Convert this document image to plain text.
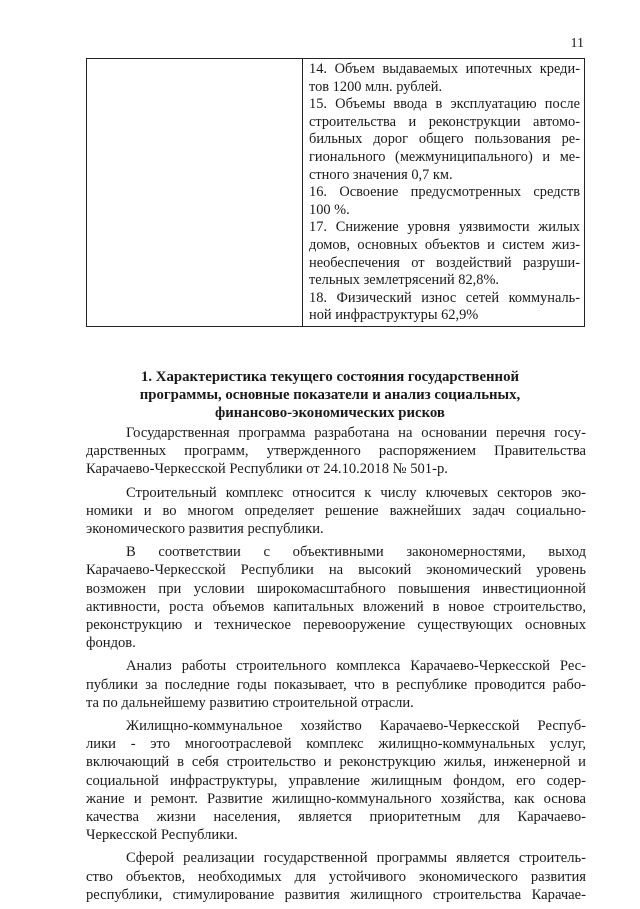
11

14. Объем выдаваемых ипотечных креди-
тов 1200 млн. рублей.

15. Объемы ввода в эксплуатацию после
строительства и реконструкции автомо-
бильных дорог общего пользования ре-
гионального (межмуниципального) и ме-
стного значения 0,7 км.

16. Освоение предусмотренных средств
100 %.

17. Снижение уровня уязвимости жилых
домов, основных объектов и систем жиз-
необеспечения от воздействий разруши-
тельных землетрясений 82,8%.

18. Физический износ сетей коммуналь-
ной инфраструктуры 62,9%

1. Характеристика текущего состояния государственной
программы, основные показатели и анализ социальных,
финансово-экономических рисков

Государственная программа разработана на основании перечня госу-
дарственных программ, утвержденного распоряжением Правительства
Карачаево-Черкесской Республики от 24.10.2018 № 501-р.

Строительный комплекс относится к числу ключевых секторов эко-
номики и во многом определяет решение важнейших задач социально-
экономического развития республики.

В соответствии с объективными закономерностями, выход
Карачаево-Черкесской Республики на высокий экономический уровень
возможен при условии широкомасштабного повышения инвестиционной
активности, роста объемов капитальных вложений в новое строительство,
реконструкцию и техническое перевооружение существующих основных
фондов.

Анализ работы строительного комплекса Карачаево-Черкесской Рес-
публики за последние годы показывает, что в республике проводится рабо-
та по дальнейшему развитию строительной отрасли.

Жилищно-коммунальное хозяйство Карачаево-Черкесской Респуб-
лики - это многоотраслевой комплекс жилищно-коммунальных услуг,
включающий в себя строительство и реконструкцию жилья, инженерной и
социальной инфраструктуры, управление жилищным фондом, его содер-
жание и ремонт. Развитие жилищно-коммунального хозяйства, как основа
качества жизни населения, является приоритетным для Карачаево-
Черкесской Республики.

Сферой реализации государственной программы является строитель-
ство объектов, необходимых для устойчивого экономического развития
республики, стимулирование развития жилищного строительства Карачае-
